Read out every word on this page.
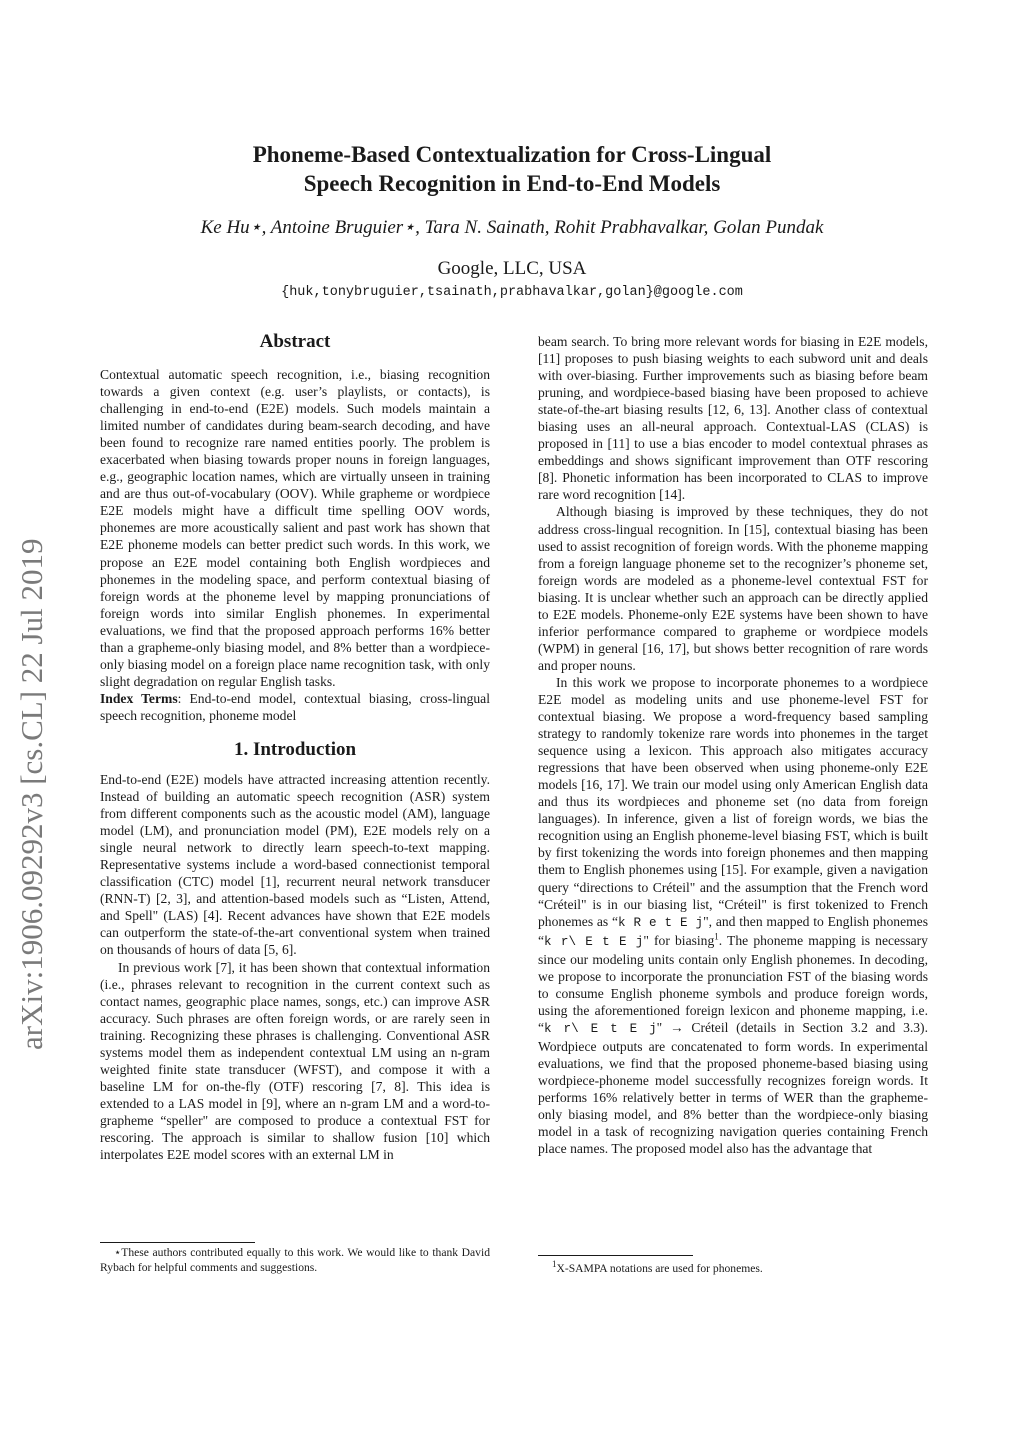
arXiv:1906.09292v3 [cs.CL] 22 Jul 2019
Phoneme-Based Contextualization for Cross-Lingual
Speech Recognition in End-to-End Models
Ke Hu⋆, Antoine Bruguier⋆, Tara N. Sainath, Rohit Prabhavalkar, Golan Pundak
Google, LLC, USA
{huk,tonybruguier,tsainath,prabhavalkar,golan}@google.com
Abstract

Contextual automatic speech recognition, i.e., biasing recognition towards a given context (e.g. user’s playlists, or contacts), is challenging in end-to-end (E2E) models. Such models maintain a limited number of candidates during beam-search decoding, and have been found to recognize rare named entities poorly. The problem is exacerbated when biasing towards proper nouns in foreign languages, e.g., geographic location names, which are virtually unseen in training and are thus out-of-vocabulary (OOV). While grapheme or wordpiece E2E models might have a difficult time spelling OOV words, phonemes are more acoustically salient and past work has shown that E2E phoneme models can better predict such words. In this work, we propose an E2E model containing both English wordpieces and phonemes in the modeling space, and perform contextual biasing of foreign words at the phoneme level by mapping pronunciations of foreign words into similar English phonemes. In experimental evaluations, we find that the proposed approach performs 16% better than a grapheme-only biasing model, and 8% better than a wordpiece-only biasing model on a foreign place name recognition task, with only slight degradation on regular English tasks.

Index Terms: End-to-end model, contextual biasing, cross-lingual speech recognition, phoneme model

1. Introduction

End-to-end (E2E) models have attracted increasing attention recently. Instead of building an automatic speech recognition (ASR) system from different components such as the acoustic model (AM), language model (LM), and pronunciation model (PM), E2E models rely on a single neural network to directly learn speech-to-text mapping. Representative systems include a word-based connectionist temporal classification (CTC) model [1], recurrent neural network transducer (RNN-T) [2, 3], and attention-based models such as “Listen, Attend, and Spell" (LAS) [4]. Recent advances have shown that E2E models can outperform the state-of-the-art conventional system when trained on thousands of hours of data [5, 6].

In previous work [7], it has been shown that contextual information (i.e., phrases relevant to recognition in the current context such as contact names, geographic place names, songs, etc.) can improve ASR accuracy. Such phrases are often foreign words, or are rarely seen in training. Recognizing these phrases is challenging. Conventional ASR systems model them as independent contextual LM using an n-gram weighted finite state transducer (WFST), and compose it with a baseline LM for on-the-fly (OTF) rescoring [7, 8]. This idea is extended to a LAS model in [9], where an n-gram LM and a word-to-grapheme “speller" are composed to produce a contextual FST for rescoring. The approach is similar to shallow fusion [10] which interpolates E2E model scores with an external LM in

beam search. To bring more relevant words for biasing in E2E models, [11] proposes to push biasing weights to each subword unit and deals with over-biasing. Further improvements such as biasing before beam pruning, and wordpiece-based biasing have been proposed to achieve state-of-the-art biasing results [12, 6, 13]. Another class of contextual biasing uses an all-neural approach. Contextual-LAS (CLAS) is proposed in [11] to use a bias encoder to model contextual phrases as embeddings and shows significant improvement than OTF rescoring [8]. Phonetic information has been incorporated to CLAS to improve rare word recognition [14].

Although biasing is improved by these techniques, they do not address cross-lingual recognition. In [15], contextual biasing has been used to assist recognition of foreign words. With the phoneme mapping from a foreign language phoneme set to the recognizer’s phoneme set, foreign words are modeled as a phoneme-level contextual FST for biasing. It is unclear whether such an approach can be directly applied to E2E models. Phoneme-only E2E systems have been shown to have inferior performance compared to grapheme or wordpiece models (WPM) in general [16, 17], but shows better recognition of rare words and proper nouns.

In this work we propose to incorporate phonemes to a wordpiece E2E model as modeling units and use phoneme-level FST for contextual biasing. We propose a word-frequency based sampling strategy to randomly tokenize rare words into phonemes in the target sequence using a lexicon. This approach also mitigates accuracy regressions that have been observed when using phoneme-only E2E models [16, 17]. We train our model using only American English data and thus its wordpieces and phoneme set (no data from foreign languages). In inference, given a list of foreign words, we bias the recognition using an English phoneme-level biasing FST, which is built by first tokenizing the words into foreign phonemes and then mapping them to English phonemes using [15]. For example, given a navigation query “directions to Créteil" and the assumption that the French word “Créteil" is in our biasing list, “Créteil" is first tokenized to French phonemes as “k R e t E j", and then mapped to English phonemes “k r\ E t E j" for biasing$^1$. The phoneme mapping is necessary since our modeling units contain only English phonemes. In decoding, we propose to incorporate the pronunciation FST of the biasing words to consume English phoneme symbols and produce foreign words, using the aforementioned foreign lexicon and phoneme mapping, i.e. “k r\ E t E j" → Créteil (details in Section 3.2 and 3.3). Wordpiece outputs are concatenated to form words. In experimental evaluations, we find that the proposed phoneme-based biasing using wordpiece-phoneme model successfully recognizes foreign words. It performs 16% relatively better in terms of WER than the grapheme-only biasing model, and 8% better than the wordpiece-only biasing model in a task of recognizing navigation queries containing French place names. The proposed model also has the advantage that

⋆These authors contributed equally to this work. We would like to thank David Rybach for helpful comments and suggestions.	$^1$X-SAMPA notations are used for phonemes.
